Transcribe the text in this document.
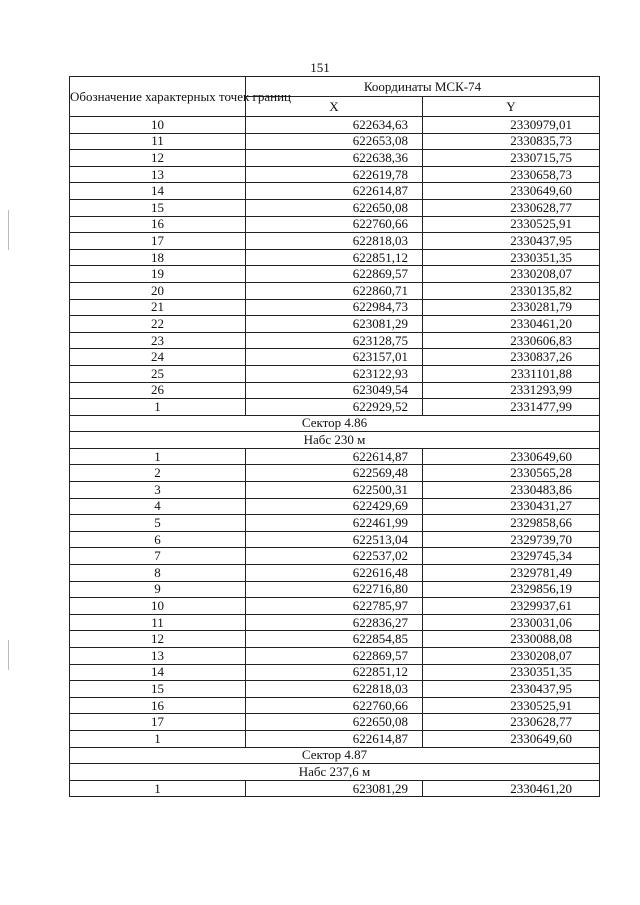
151
Обозначение характерных точек границ	Координаты МСК-74	
	X	Y
10	622634,63	2330979,01
11	622653,08	2330835,73
12	622638,36	2330715,75
13	622619,78	2330658,73
14	622614,87	2330649,60
15	622650,08	2330628,77
16	622760,66	2330525,91
17	622818,03	2330437,95
18	622851,12	2330351,35
19	622869,57	2330208,07
20	622860,71	2330135,82
21	622984,73	2330281,79
22	623081,29	2330461,20
23	623128,75	2330606,83
24	623157,01	2330837,26
25	623122,93	2331101,88
26	623049,54	2331293,99
1	622929,52	2331477,99
Сектор 4.86		
Набс 230 м		
1	622614,87	2330649,60
2	622569,48	2330565,28
3	622500,31	2330483,86
4	622429,69	2330431,27
5	622461,99	2329858,66
6	622513,04	2329739,70
7	622537,02	2329745,34
8	622616,48	2329781,49
9	622716,80	2329856,19
10	622785,97	2329937,61
11	622836,27	2330031,06
12	622854,85	2330088,08
13	622869,57	2330208,07
14	622851,12	2330351,35
15	622818,03	2330437,95
16	622760,66	2330525,91
17	622650,08	2330628,77
1	622614,87	2330649,60
Сектор 4.87		
Набс 237,6 м		
1	623081,29	2330461,20
